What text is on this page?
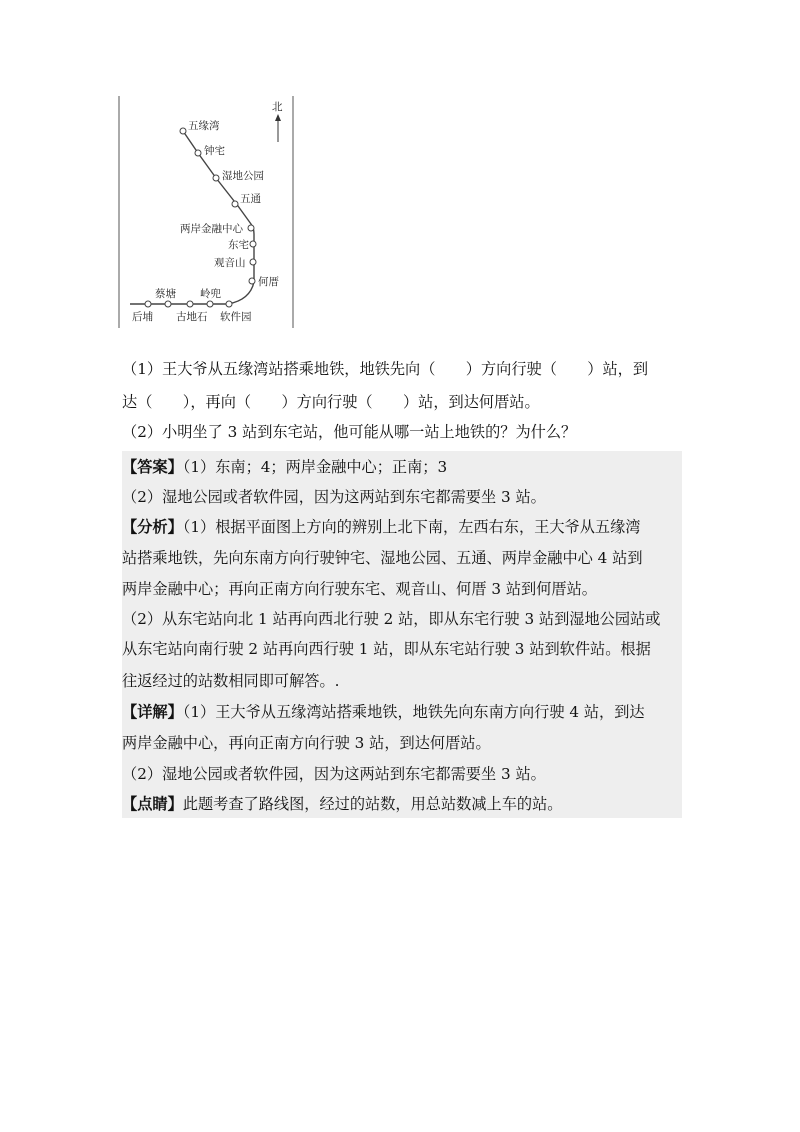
北
五缘湾
钟宅
湿地公园
五通
两岸金融中心
东宅
观音山
何厝
蔡塘 岭兜
后埔 古地石 软件园
（1）王大爷从五缘湾站搭乘地铁，地铁先向（　　）方向行驶（　　）站，到
达（　　），再向（　　）方向行驶（　　）站，到达何厝站。
（2）小明坐了 3 站到东宅站，他可能从哪一站上地铁的？为什么？
【答案】（1）东南；4；两岸金融中心；正南；3
（2）湿地公园或者软件园，因为这两站到东宅都需要坐 3 站。
【分析】（1）根据平面图上方向的辨别上北下南，左西右东，王大爷从五缘湾
站搭乘地铁，先向东南方向行驶钟宅、湿地公园、五通、两岸金融中心 4 站到
两岸金融中心；再向正南方向行驶东宅、观音山、何厝 3 站到何厝站。
（2）从东宅站向北 1 站再向西北行驶 2 站，即从东宅行驶 3 站到湿地公园站或
从东宅站向南行驶 2 站再向西行驶 1 站，即从东宅站行驶 3 站到软件站。根据
往返经过的站数相同即可解答。.
【详解】（1）王大爷从五缘湾站搭乘地铁，地铁先向东南方向行驶 4 站，到达
两岸金融中心，再向正南方向行驶 3 站，到达何厝站。
（2）湿地公园或者软件园，因为这两站到东宅都需要坐 3 站。
【点睛】此题考查了路线图，经过的站数，用总站数减上车的站。
